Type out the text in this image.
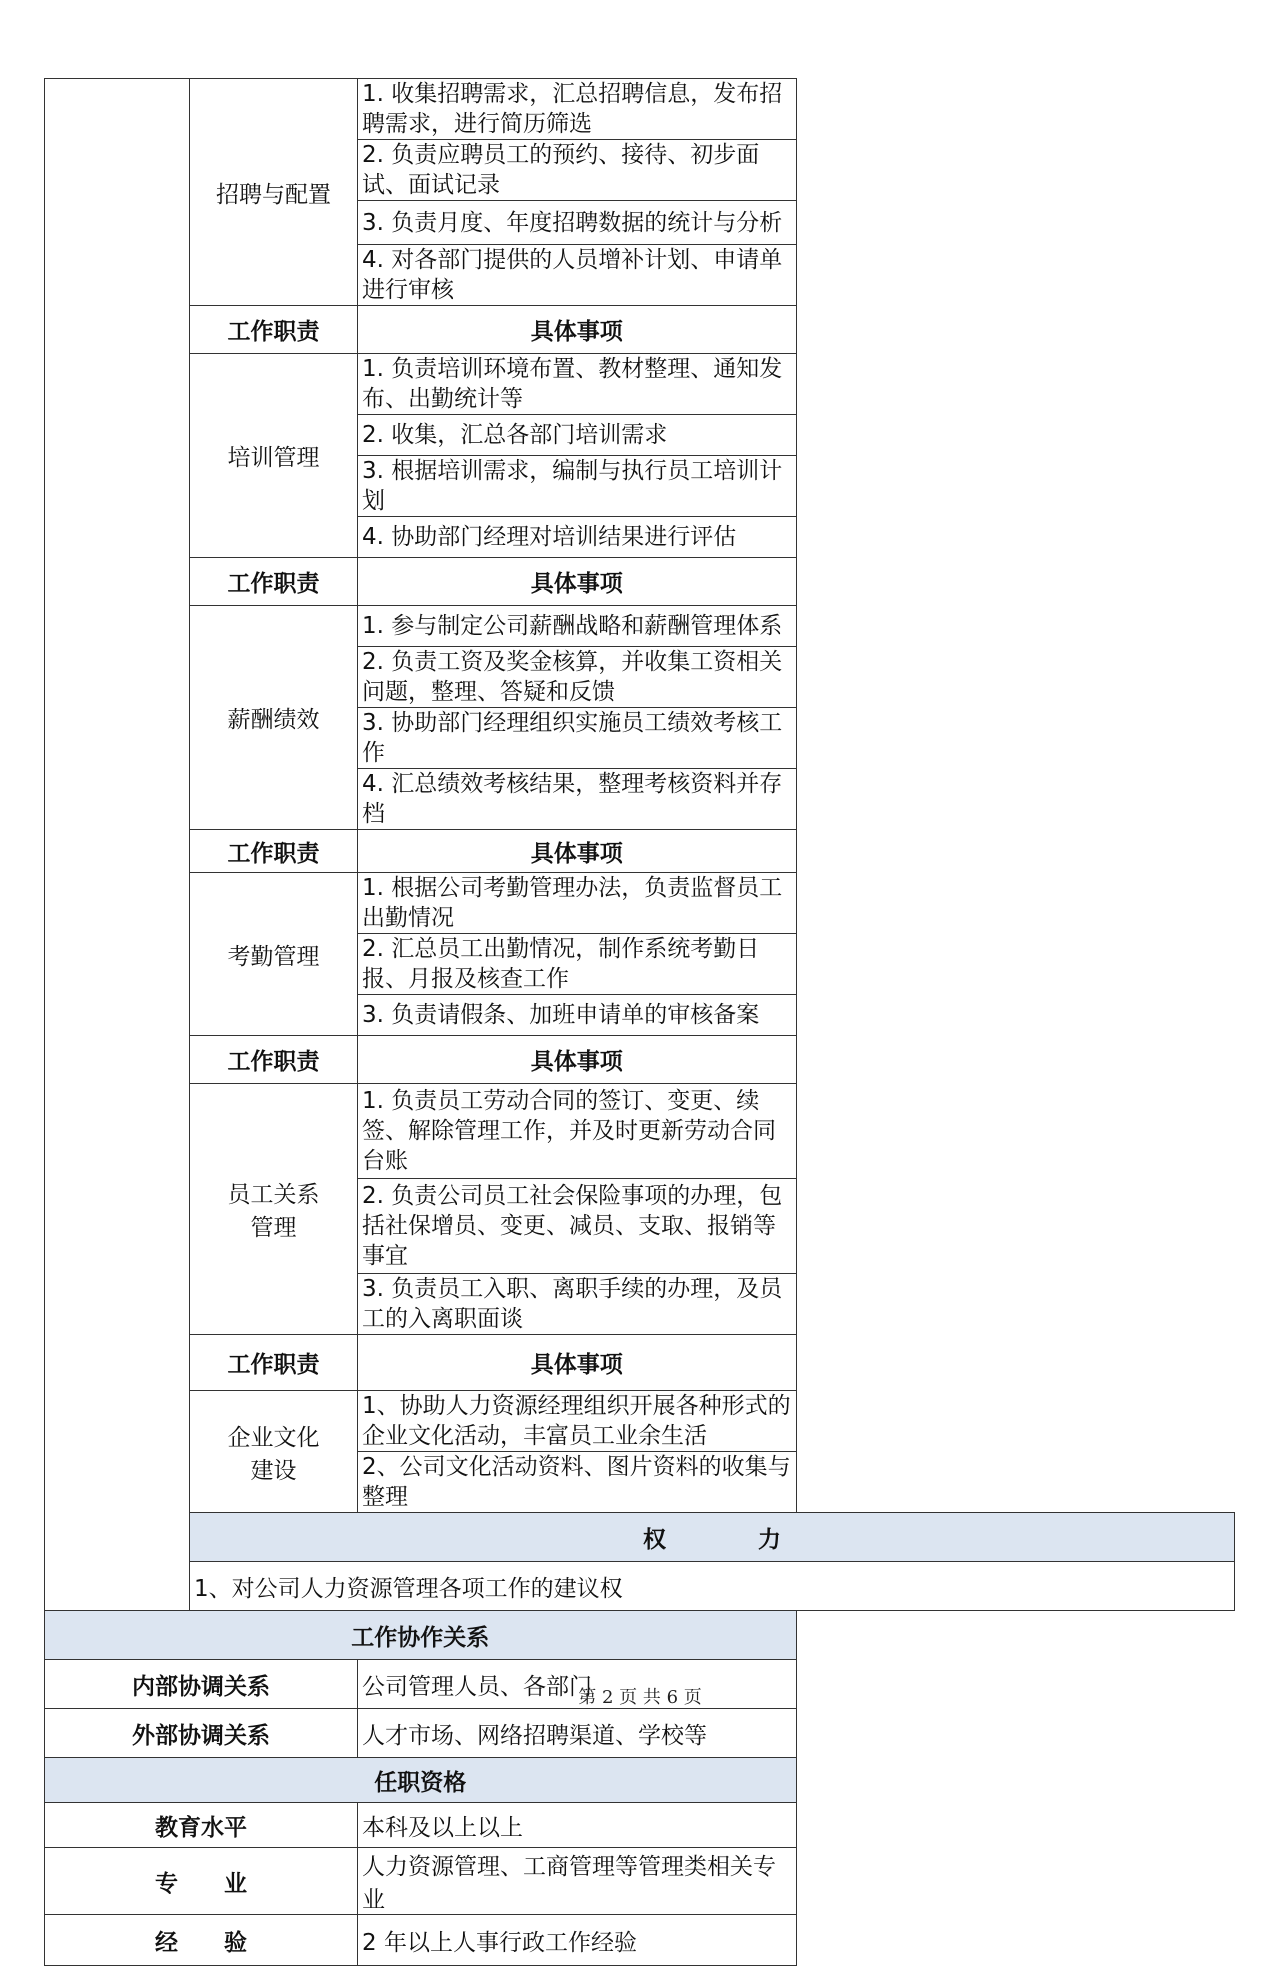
	招聘与配置	1. 收集招聘需求，汇总招聘信息，发布招聘需求，进行简历筛选
		2. 负责应聘员工的预约、接待、初步面试、面试记录
		3. 负责月度、年度招聘数据的统计与分析
		4. 对各部门提供的人员增补计划、申请单进行审核
	工作职责	具体事项
	培训管理	1. 负责培训环境布置、教材整理、通知发布、出勤统计等
		2. 收集，汇总各部门培训需求
		3. 根据培训需求，编制与执行员工培训计划
		4. 协助部门经理对培训结果进行评估
	工作职责	具体事项
	薪酬绩效	1. 参与制定公司薪酬战略和薪酬管理体系
		2. 负责工资及奖金核算，并收集工资相关问题，整理、答疑和反馈
		3. 协助部门经理组织实施员工绩效考核工作
		4. 汇总绩效考核结果，整理考核资料并存档
	工作职责	具体事项
	考勤管理	1. 根据公司考勤管理办法，负责监督员工出勤情况
		2. 汇总员工出勤情况，制作系统考勤日报、月报及核查工作
		3. 负责请假条、加班申请单的审核备案
	工作职责	具体事项
	员工关系管理	1. 负责员工劳动合同的签订、变更、续签、解除管理工作，并及时更新劳动合同台账
		2. 负责公司员工社会保险事项的办理，包括社保增员、变更、减员、支取、报销等事宜
		3. 负责员工入职、离职手续的办理，及员工的入离职面谈
	工作职责	具体事项
	企业文化建设	1、协助人力资源经理组织开展各种形式的企业文化活动，丰富员工业余生活
		2、公司文化活动资料、图片资料的收集与整理
	权　　　　力	
	1、对公司人力资源管理各项工作的建议权	
工作协作关系		
内部协调关系		公司管理人员、各部门
外部协调关系		人才市场、网络招聘渠道、学校等
任职资格		
教育水平		本科及以上以上
专　　业		人力资源管理、工商管理等管理类相关专业
经　　验		2 年以上人事行政工作经验
第 2 页 共 6 页
